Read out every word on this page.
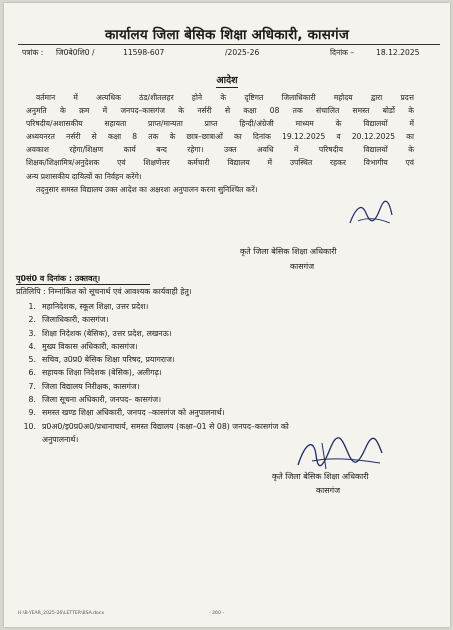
कार्यालय जिला बेसिक शिक्षा अधिकारी, कासगंज
पत्रांक : जि0बे0शि0 /	11598-607	/2025-26	दिनांक –	18.12.2025
आदेश
वर्तमान में अत्यधिक ठंड/शीतलहर होने के दृष्टिगत जिलाधिकारी महोदय द्वारा प्रदत्त
अनुमति के क्रम में जनपद–कासगंज के नर्सरी से कक्षा 08 तक संचालित समस्त बोर्डो के
परिषदीय/अशासकीय सहायता प्राप्त/मान्यता प्राप्त हिन्दी/अंग्रेजी माध्यम के विद्यालयों में
अध्ययनरत नर्सरी से कक्षा 8 तक के छात्र–छात्राओं का दिनांक 19.12.2025 व 20.12.2025 का
अवकाश रहेगा/शिक्षण कार्य बन्द रहेगा। उक्त अवधि में परिषदीय विद्यालयों के
शिक्षक/शिक्षामित्र/अनुदेशक एवं शिक्षणेत्तर कर्मचारी विद्यालय में उपस्थित रहकर विभागीय एवं
अन्य प्रशासकीय दायित्वों का निर्वहन करेंगे।
तद्नुसार समस्त विद्यालय उक्त आदेश का अक्षरशः अनुपालन करना सुनिश्चित करें।
कृते जिला बेसिक शिक्षा अधिकारी
कासगंज
पृ0सं0 व दिनांक : उक्तवत्।
प्रतिलिपि : निम्नांकित को सूचनार्थ एवं आवश्यक कार्यवाही हेतु।
1. महानिदेशक, स्कूल शिक्षा, उत्तर प्रदेश।
2. जिलाधिकारी, कासगंज।
3. शिक्षा निदेशक (बेसिक), उत्तर प्रदेश, लखनऊ।
4. मुख्य विकास अधिकारी, कासगंज।
5. सचिव, उ0प्र0 बेसिक शिक्षा परिषद, प्रयागराज।
6. सहायक शिक्षा निदेशक (बेसिक), अलीगढ़।
7. जिला विद्यालय निरीक्षक, कासगंज।
8. जिला सूचना अधिकारी, जनपद– कासगंज।
9. समस्त खण्ड शिक्षा अधिकारी, जनपद –कासगंज को अनुपालनार्थ।
10. प्र0अ0/इ0प्र0अ0/प्रधानाचार्य, समस्त विद्यालय (कक्षा–01 से 08) जनपद–कासगंज को
अनुपालनार्थ।
कृते जिला बेसिक शिक्षा अधिकारी
कासगंज
H:\B-YEAR_2025-26\LETTER\BSA.docx	- 260 -
